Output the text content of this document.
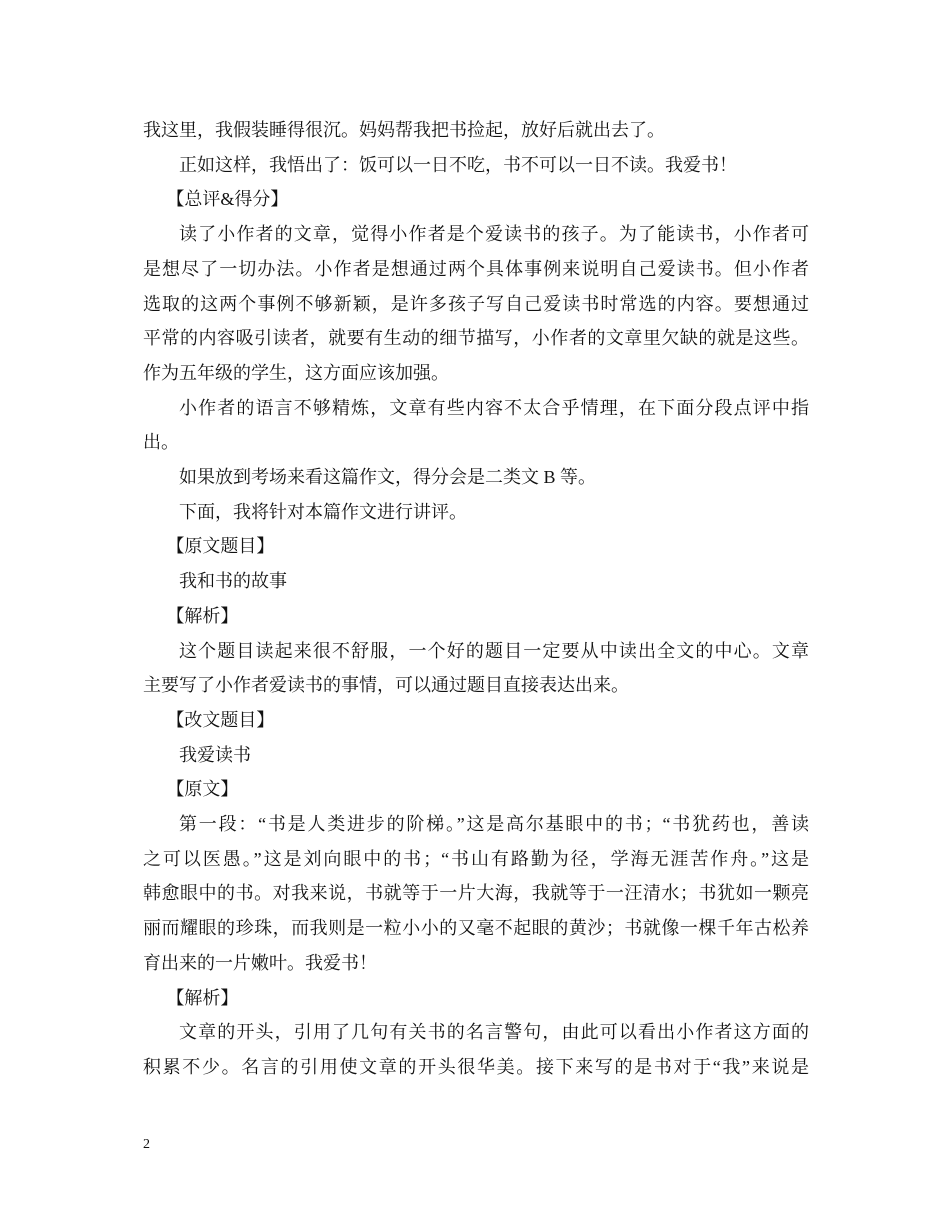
我这里，我假装睡得很沉。妈妈帮我把书捡起，放好后就出去了。
正如这样，我悟出了：饭可以一日不吃，书不可以一日不读。我爱书！
【总评&得分】
读了小作者的文章，觉得小作者是个爱读书的孩子。为了能读书，小作者可
是想尽了一切办法。小作者是想通过两个具体事例来说明自己爱读书。但小作者
选取的这两个事例不够新颖，是许多孩子写自己爱读书时常选的内容。要想通过
平常的内容吸引读者，就要有生动的细节描写，小作者的文章里欠缺的就是这些。
作为五年级的学生，这方面应该加强。
小作者的语言不够精炼，文章有些内容不太合乎情理，在下面分段点评中指
出。
如果放到考场来看这篇作文，得分会是二类文 B 等。
下面，我将针对本篇作文进行讲评。
【原文题目】
我和书的故事
【解析】
这个题目读起来很不舒服，一个好的题目一定要从中读出全文的中心。文章
主要写了小作者爱读书的事情，可以通过题目直接表达出来。
【改文题目】
我爱读书
【原文】
第一段：“书是人类进步的阶梯。”这是高尔基眼中的书；“书犹药也，善读
之可以医愚。”这是刘向眼中的书；“书山有路勤为径，学海无涯苦作舟。”这是
韩愈眼中的书。对我来说，书就等于一片大海，我就等于一汪清水；书犹如一颗亮
丽而耀眼的珍珠，而我则是一粒小小的又毫不起眼的黄沙；书就像一棵千年古松养
育出来的一片嫩叶。我爱书！
【解析】
文章的开头，引用了几句有关书的名言警句，由此可以看出小作者这方面的
积累不少。名言的引用使文章的开头很华美。接下来写的是书对于“我”来说是
2
